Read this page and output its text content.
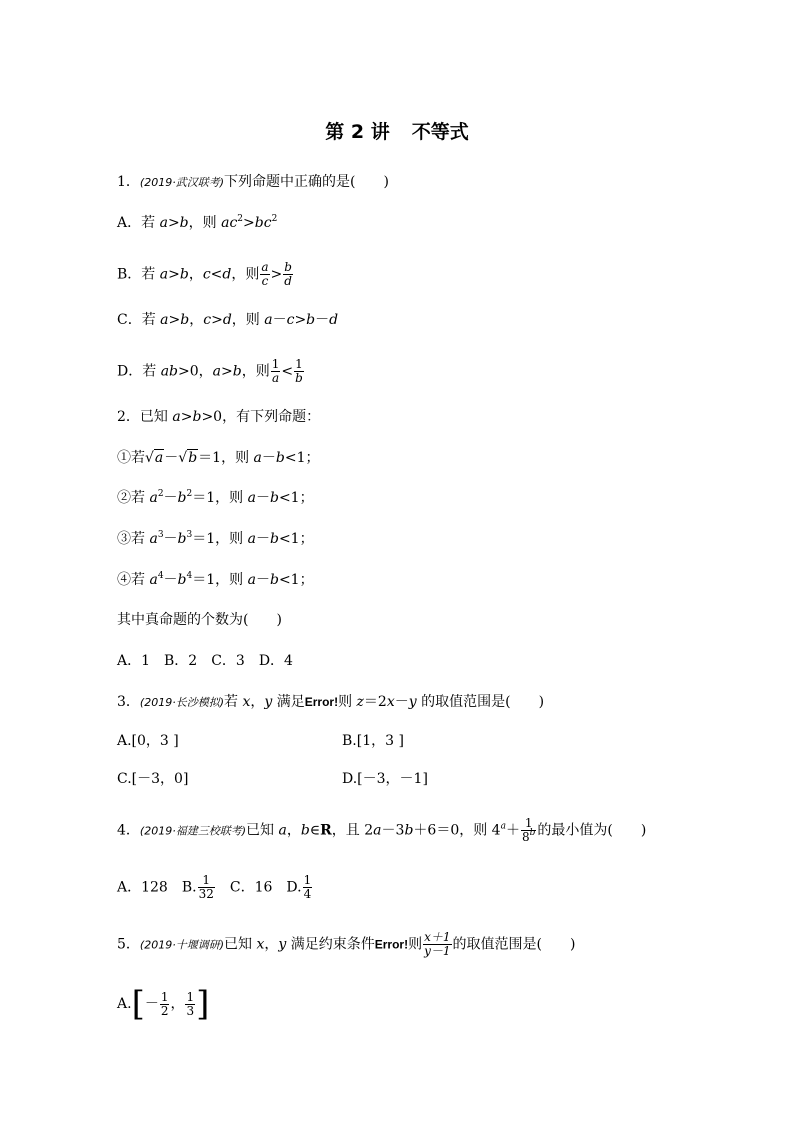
第 2 讲 不等式
1．(2019·武汉联考)下列命题中正确的是(　　)
A．若 a>b，则 $ac^2>bc^2$
B．若 a>b，c<d，则 $\frac{a}{c} > \frac{b}{d}$
C．若 a>b，c>d，则 a－c>b－d
D．若 ab>0，a>b，则 $\frac{1}{a} < \frac{1}{b}$
2．已知 a>b>0，有下列命题：
①若√a－√b＝1，则 a－b<1；
②若 $a^2-b^2=1$，则 a－b<1；
③若 $a^3-b^3=1$，则 a－b<1；
④若 $a^4-b^4=1$，则 a－b<1；
其中真命题的个数为(　　)
A．1　B．2　C．3　D．4
3．(2019·长沙模拟)若 x，y 满足Error!则 z＝2x－y 的取值范围是(　　)
A.[0，3 ]	B.[1，3 ]
C.[－3，0]	D.[－3，－1]
4．(2019·福建三校联考)已知 a，b∈R，且 2a－3b＋6＝0，则 $4^a+ \frac{1}{8^b}$ 的最小值为(　　)
A．128　B. $\frac{1}{32}$ 　C．16　D. $\frac{1}{4}$
5．(2019·十堰调研)已知 x，y 满足约束条件Error!则 $\frac{x+1}{y-1}$ 的取值范围是(　　)
$A.[- \frac{1}{2}$ ， $\frac{1}{3}$ ]
